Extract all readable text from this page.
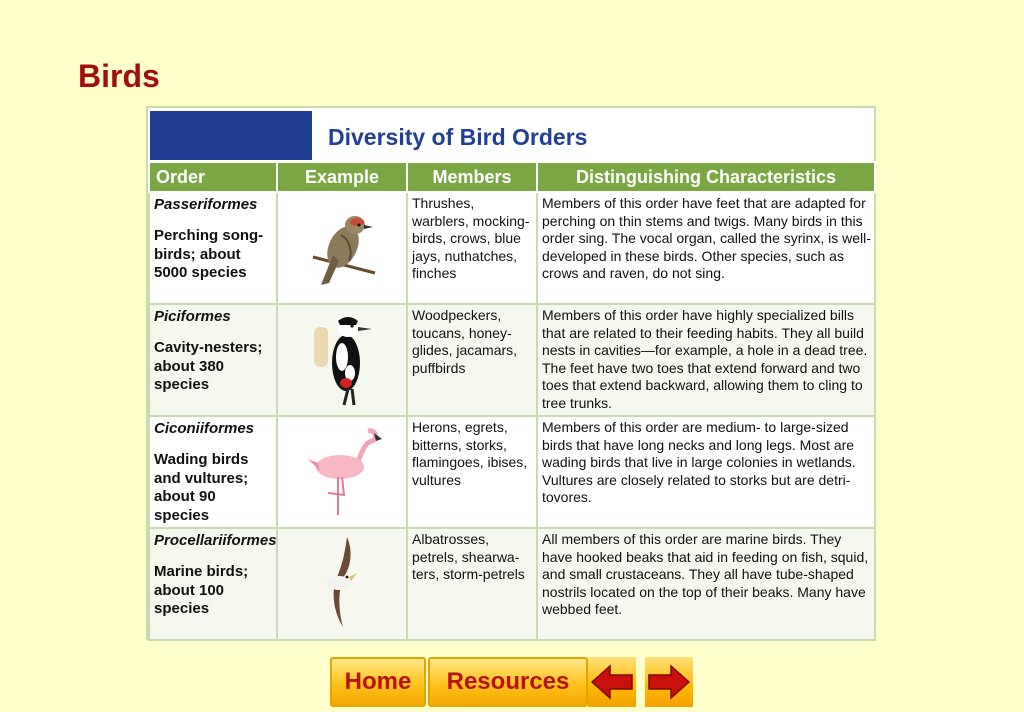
Birds
Diversity of Bird Orders
Order	Example	Members	Distinguishing Characteristics

Passeriformes
Perching song-birds; about 5000 species		Thrushes, warblers, mocking-birds, crows, blue jays, nuthatches, finches	Members of this order have feet that are adapted for perching on thin stems and twigs. Many birds in this order sing. The vocal organ, called the syrinx, is well-developed in these birds. Other species, such as crows and raven, do not sing.

Piciformes
Cavity-nesters; about 380 species		Woodpeckers, toucans, honey-glides, jacamars, puffbirds	Members of this order have highly specialized bills that are related to their feeding habits. They all build nests in cavities—for example, a hole in a dead tree. The feet have two toes that extend forward and two toes that extend backward, allowing them to cling to tree trunks.

Ciconiiformes
Wading birds and vultures; about 90 species		Herons, egrets, bitterns, storks, flamingoes, ibises, vultures	Members of this order are medium- to large-sized birds that have long necks and long legs. Most are wading birds that live in large colonies in wetlands. Vultures are closely related to storks but are detri-tovores.

Procellariiformes
Marine birds; about 100 species		Albatrosses, petrels, shearwa-ters, storm-petrels	All members of this order are marine birds. They have hooked beaks that aid in feeding on fish, squid, and small crustaceans. They all have tube-shaped nostrils located on the top of their beaks. Many have webbed feet.
Home	Resources
